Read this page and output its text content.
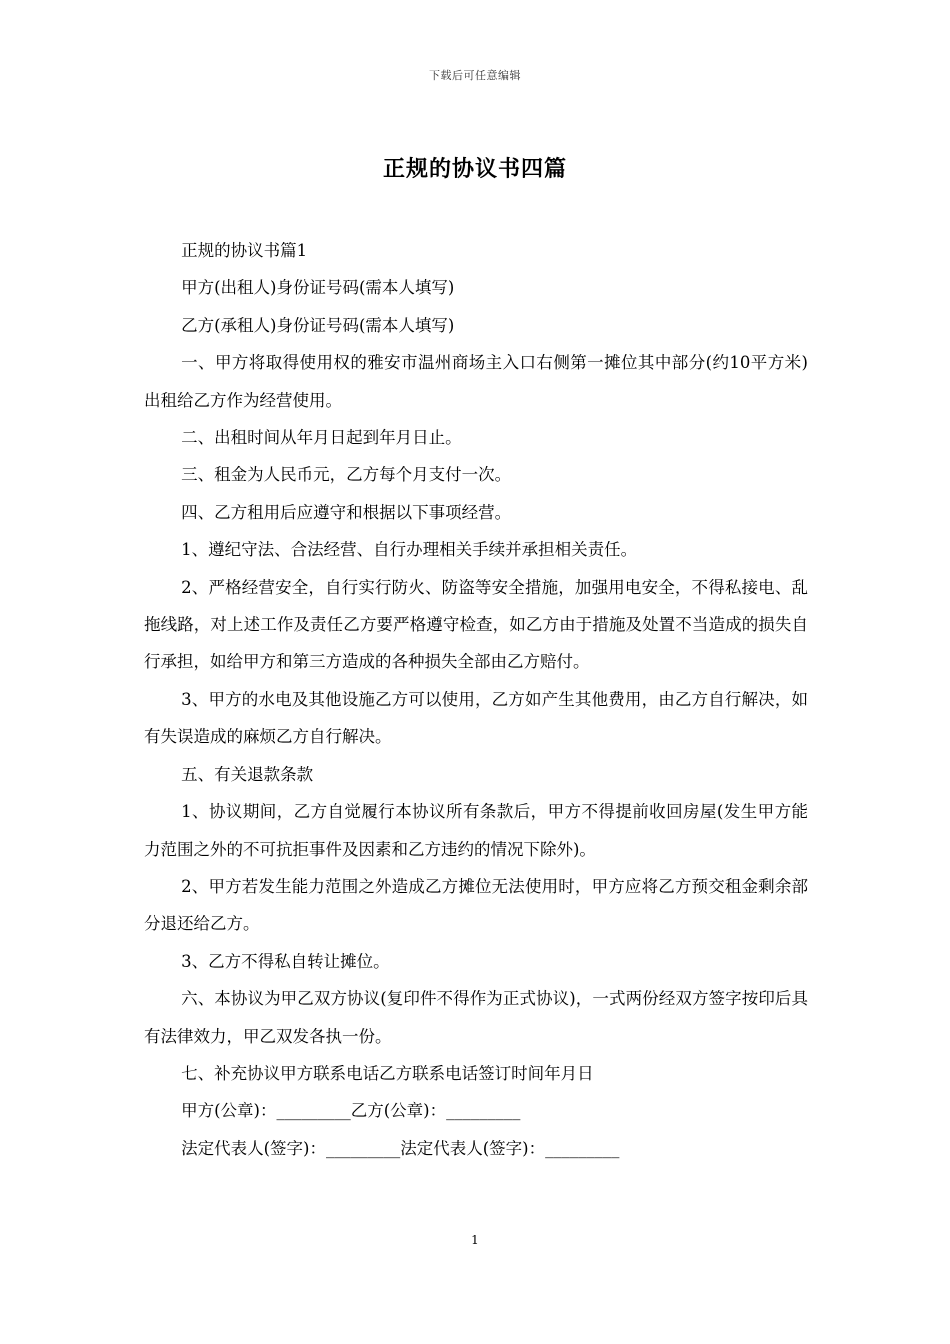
下载后可任意编辑
正规的协议书四篇

正规的协议书篇1

甲方(出租人)身份证号码(需本人填写)

乙方(承租人)身份证号码(需本人填写)

一、甲方将取得使用权的雅安市温州商场主入口右侧第一摊位其中部分(约10平方米)出租给乙方作为经营使用。

二、出租时间从年月日起到年月日止。

三、租金为人民币元，乙方每个月支付一次。

四、乙方租用后应遵守和根据以下事项经营。

1、遵纪守法、合法经营、自行办理相关手续并承担相关责任。

2、严格经营安全，自行实行防火、防盗等安全措施，加强用电安全，不得私接电、乱拖线路，对上述工作及责任乙方要严格遵守检查，如乙方由于措施及处置不当造成的损失自行承担，如给甲方和第三方造成的各种损失全部由乙方赔付。

3、甲方的水电及其他设施乙方可以使用，乙方如产生其他费用，由乙方自行解决，如有失误造成的麻烦乙方自行解决。

五、有关退款条款

1、协议期间，乙方自觉履行本协议所有条款后，甲方不得提前收回房屋(发生甲方能力范围之外的不可抗拒事件及因素和乙方违约的情况下除外)。

2、甲方若发生能力范围之外造成乙方摊位无法使用时，甲方应将乙方预交租金剩余部分退还给乙方。

3、乙方不得私自转让摊位。

六、本协议为甲乙双方协议(复印件不得作为正式协议)，一式两份经双方签字按印后具有法律效力，甲乙双发各执一份。

七、补充协议甲方联系电话乙方联系电话签订时间年月日

甲方(公章)：_________乙方(公章)：_________

法定代表人(签字)：_________法定代表人(签字)：_________

1
